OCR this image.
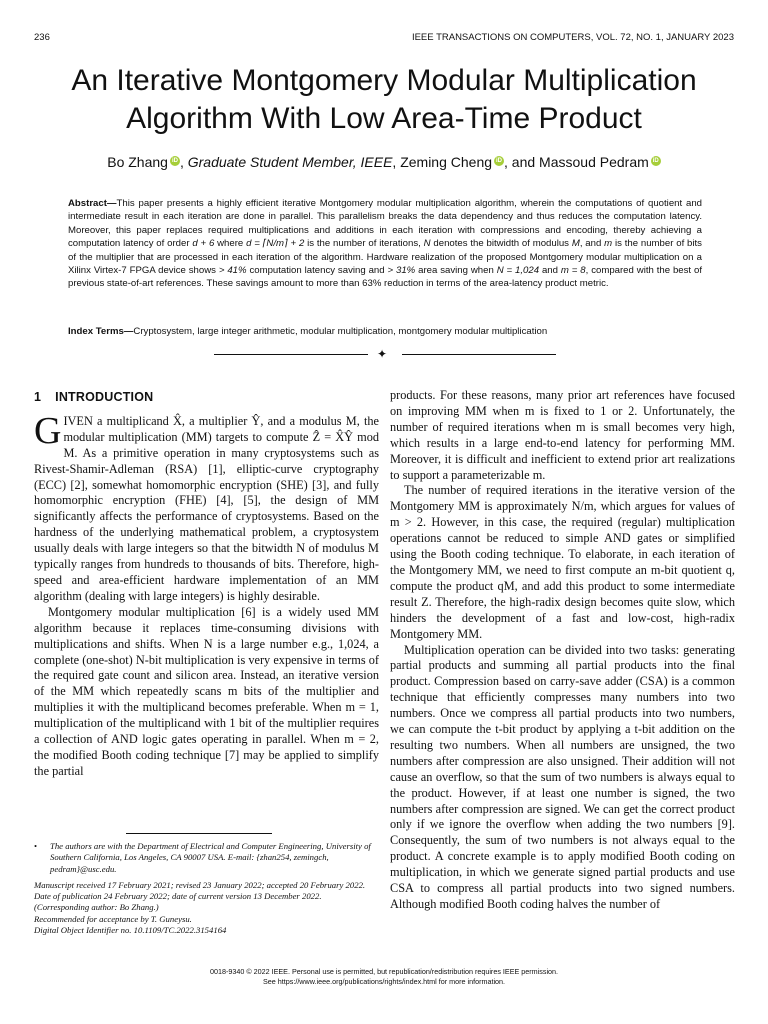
236	IEEE TRANSACTIONS ON COMPUTERS, VOL. 72, NO. 1, JANUARY 2023
An Iterative Montgomery Modular Multiplication
Algorithm With Low Area-Time Product
Bo Zhang iD , Graduate Student Member, IEEE, Zeming Cheng iD , and Massoud Pedram iD

Abstract—This paper presents a highly efficient iterative Montgomery modular multiplication algorithm, wherein the computations of quotient and intermediate result in each iteration are done in parallel. This parallelism breaks the data dependency and thus reduces the computation latency. Moreover, this paper replaces required multiplications and additions in each iteration with compressions and encoding, thereby achieving a computation latency of order d + 6 where d = ⌈N/m⌉ + 2 is the number of iterations, N denotes the bitwidth of modulus M, and m is the number of bits of the multiplier that are processed in each iteration of the algorithm. Hardware realization of the proposed Montgomery modular multiplication on a Xilinx Virtex-7 FPGA device shows > 41% computation latency saving and > 31% area saving when N = 1,024 and m = 8, compared with the best of previous state-of-art references. These savings amount to more than 63% reduction in terms of the area-latency product metric.

Index Terms—Cryptosystem, large integer arithmetic, modular multiplication, montgomery modular multiplication

✦
1 INTRODUCTION

GIVEN a multiplicand X̂, a multiplier Ŷ, and a modulus M, the modular multiplication (MM) targets to compute Ẑ = X̂Ŷ mod M. As a primitive operation in many cryptosystems such as Rivest-Shamir-Adleman (RSA) [1], elliptic-curve cryptography (ECC) [2], somewhat homomorphic encryption (SHE) [3], and fully homomorphic encryption (FHE) [4], [5], the design of MM significantly affects the performance of cryptosystems. Based on the hardness of the underlying mathematical problem, a cryptosystem usually deals with large integers so that the bitwidth N of modulus M typically ranges from hundreds to thousands of bits. Therefore, high-speed and area-efficient hardware implementation of an MM algorithm (dealing with large integers) is highly desirable.

Montgomery modular multiplication [6] is a widely used MM algorithm because it replaces time-consuming divisions with multiplications and shifts. When N is a large number e.g., 1,024, a complete (one-shot) N-bit multiplication is very expensive in terms of the required gate count and silicon area. Instead, an iterative version of the MM which repeatedly scans m bits of the multiplier and multiplies it with the multiplicand becomes preferable. When m = 1, multiplication of the multiplicand with 1 bit of the multiplier requires a collection of AND logic gates operating in parallel. When m = 2, the modified Booth coding technique [7] may be applied to simplify the partial

products. For these reasons, many prior art references have focused on improving MM when m is fixed to 1 or 2. Unfortunately, the number of required iterations when m is small becomes very high, which results in a large end-to-end latency for performing MM. Moreover, it is difficult and inefficient to extend prior art realizations to support a parameterizable m.

The number of required iterations in the iterative version of the Montgomery MM is approximately N/m, which argues for values of m > 2. However, in this case, the required (regular) multiplication operations cannot be reduced to simple AND gates or simplified using the Booth coding technique. To elaborate, in each iteration of the Montgomery MM, we need to first compute an m-bit quotient q, compute the product qM, and add this product to some intermediate result Z. Therefore, the high-radix design becomes quite slow, which hinders the development of a fast and low-cost, high-radix Montgomery MM.

Multiplication operation can be divided into two tasks: generating partial products and summing all partial products into the final product. Compression based on carry-save adder (CSA) is a common technique that efficiently compresses many numbers into two numbers. Once we compress all partial products into two numbers, we can compute the t-bit product by applying a t-bit addition on the resulting two numbers. When all numbers are unsigned, the two numbers after compression are also unsigned. Their addition will not cause an overflow, so that the sum of two numbers is always equal to the product. However, if at least one number is signed, the two numbers after compression are signed. We can get the correct product only if we ignore the overflow when adding the two numbers [9]. Consequently, the sum of two numbers is not always equal to the product. A concrete example is to apply modified Booth coding on multiplication, in which we generate signed partial products and use CSA to compress all partial products into two signed numbers. Although modified Booth coding halves the number of

• The authors are with the Department of Electrical and Computer Engineering, University of Southern California, Los Angeles, CA 90007 USA. E-mail: {zhan254, zemingch, pedram}@usc.edu.

Manuscript received 17 February 2021; revised 23 January 2022; accepted 20 February 2022. Date of publication 24 February 2022; date of current version 13 December 2022.

(Corresponding author: Bo Zhang.)

Recommended for acceptance by T. Guneysu.

Digital Object Identifier no. 10.1109/TC.2022.3154164

0018-9340 © 2022 IEEE. Personal use is permitted, but republication/redistribution requires IEEE permission.
See https://www.ieee.org/publications/rights/index.html for more information.
